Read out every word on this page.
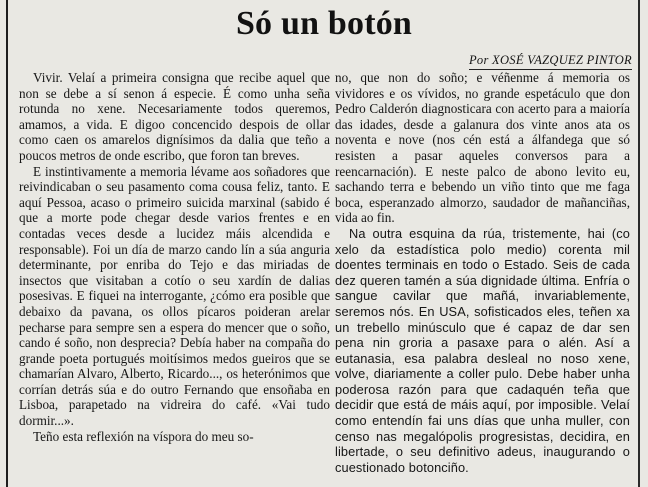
Só un botón
Por XOSÉ VAZQUEZ PINTOR

Vivir. Velaí a primeira consigna que recibe aquel que non se debe a sí senon á especie. É como unha seña rotunda no xene. Necesariamente todos queremos, amamos, a vida. E digoo concencido despois de ollar como caen os amarelos dignísimos da dalia que teño a poucos metros de onde escribo, que foron tan breves.

E instintivamente a memoria lévame aos soñadores que reivindicaban o seu pasamento coma cousa feliz, tanto. E aquí Pessoa, acaso o primeiro suicida marxinal (sabido é que a morte pode chegar desde varios frentes e en contadas veces desde a lucidez máis alcendida e responsable). Foi un día de marzo cando lín a súa anguria determinante, por enriba do Tejo e das miriadas de insectos que visitaban a cotío o seu xardín de dalias posesivas. E fiquei na interrogante, ¿cómo era posible que debaixo da pavana, os ollos pícaros poideran arelar pecharse para sempre sen a espera do mencer que o soño, cando é soño, non desprecia? Debía haber na compaña do grande poeta portugués moitísimos medos gueiros que se chamarían Alvaro, Alberto, Ricardo..., os heterónimos que corrían detrás súa e do outro Fernando que ensoñaba en Lisboa, parapetado na vidreira do café. «Vai tudo dormir...».

Teño esta reflexión na víspora do meu so-

no, que non do soño; e véñenme á memoria os vividores e os vívidos, no grande espetáculo que don Pedro Calderón diagnosticara con acerto para a maioría das idades, desde a galanura dos vinte anos ata os noventa e nove (nos cén está a álfandega que só resisten a pasar aqueles conversos para a reencarnación). E neste palco de abono levito eu, sachando terra e bebendo un viño tinto que me faga boca, esperanzado almorzo, saudador de mañanciñas, vida ao fin.

Na outra esquina da rúa, tristemente, hai (co xelo da estadística polo medio) corenta mil doentes terminais en todo o Estado. Seis de cada dez queren tamén a súa dignidade última. Enfría o sangue cavilar que mañá, invariablemente, seremos nós. En USA, sofisticados eles, teñen xa un trebello minúsculo que é capaz de dar sen pena nin groria a pasaxe para o alén. Así a eutanasia, esa palabra desleal no noso xene, volve, diariamente a coller pulo. Debe haber unha poderosa razón para que cadaquén teña que decidir que está de máis aquí, por imposible. Velaí como entendín fai uns días que unha muller, con censo nas megalópolis progresistas, decidira, en libertade, o seu definitivo adeus, inaugurando o cuestionado botonciño.
